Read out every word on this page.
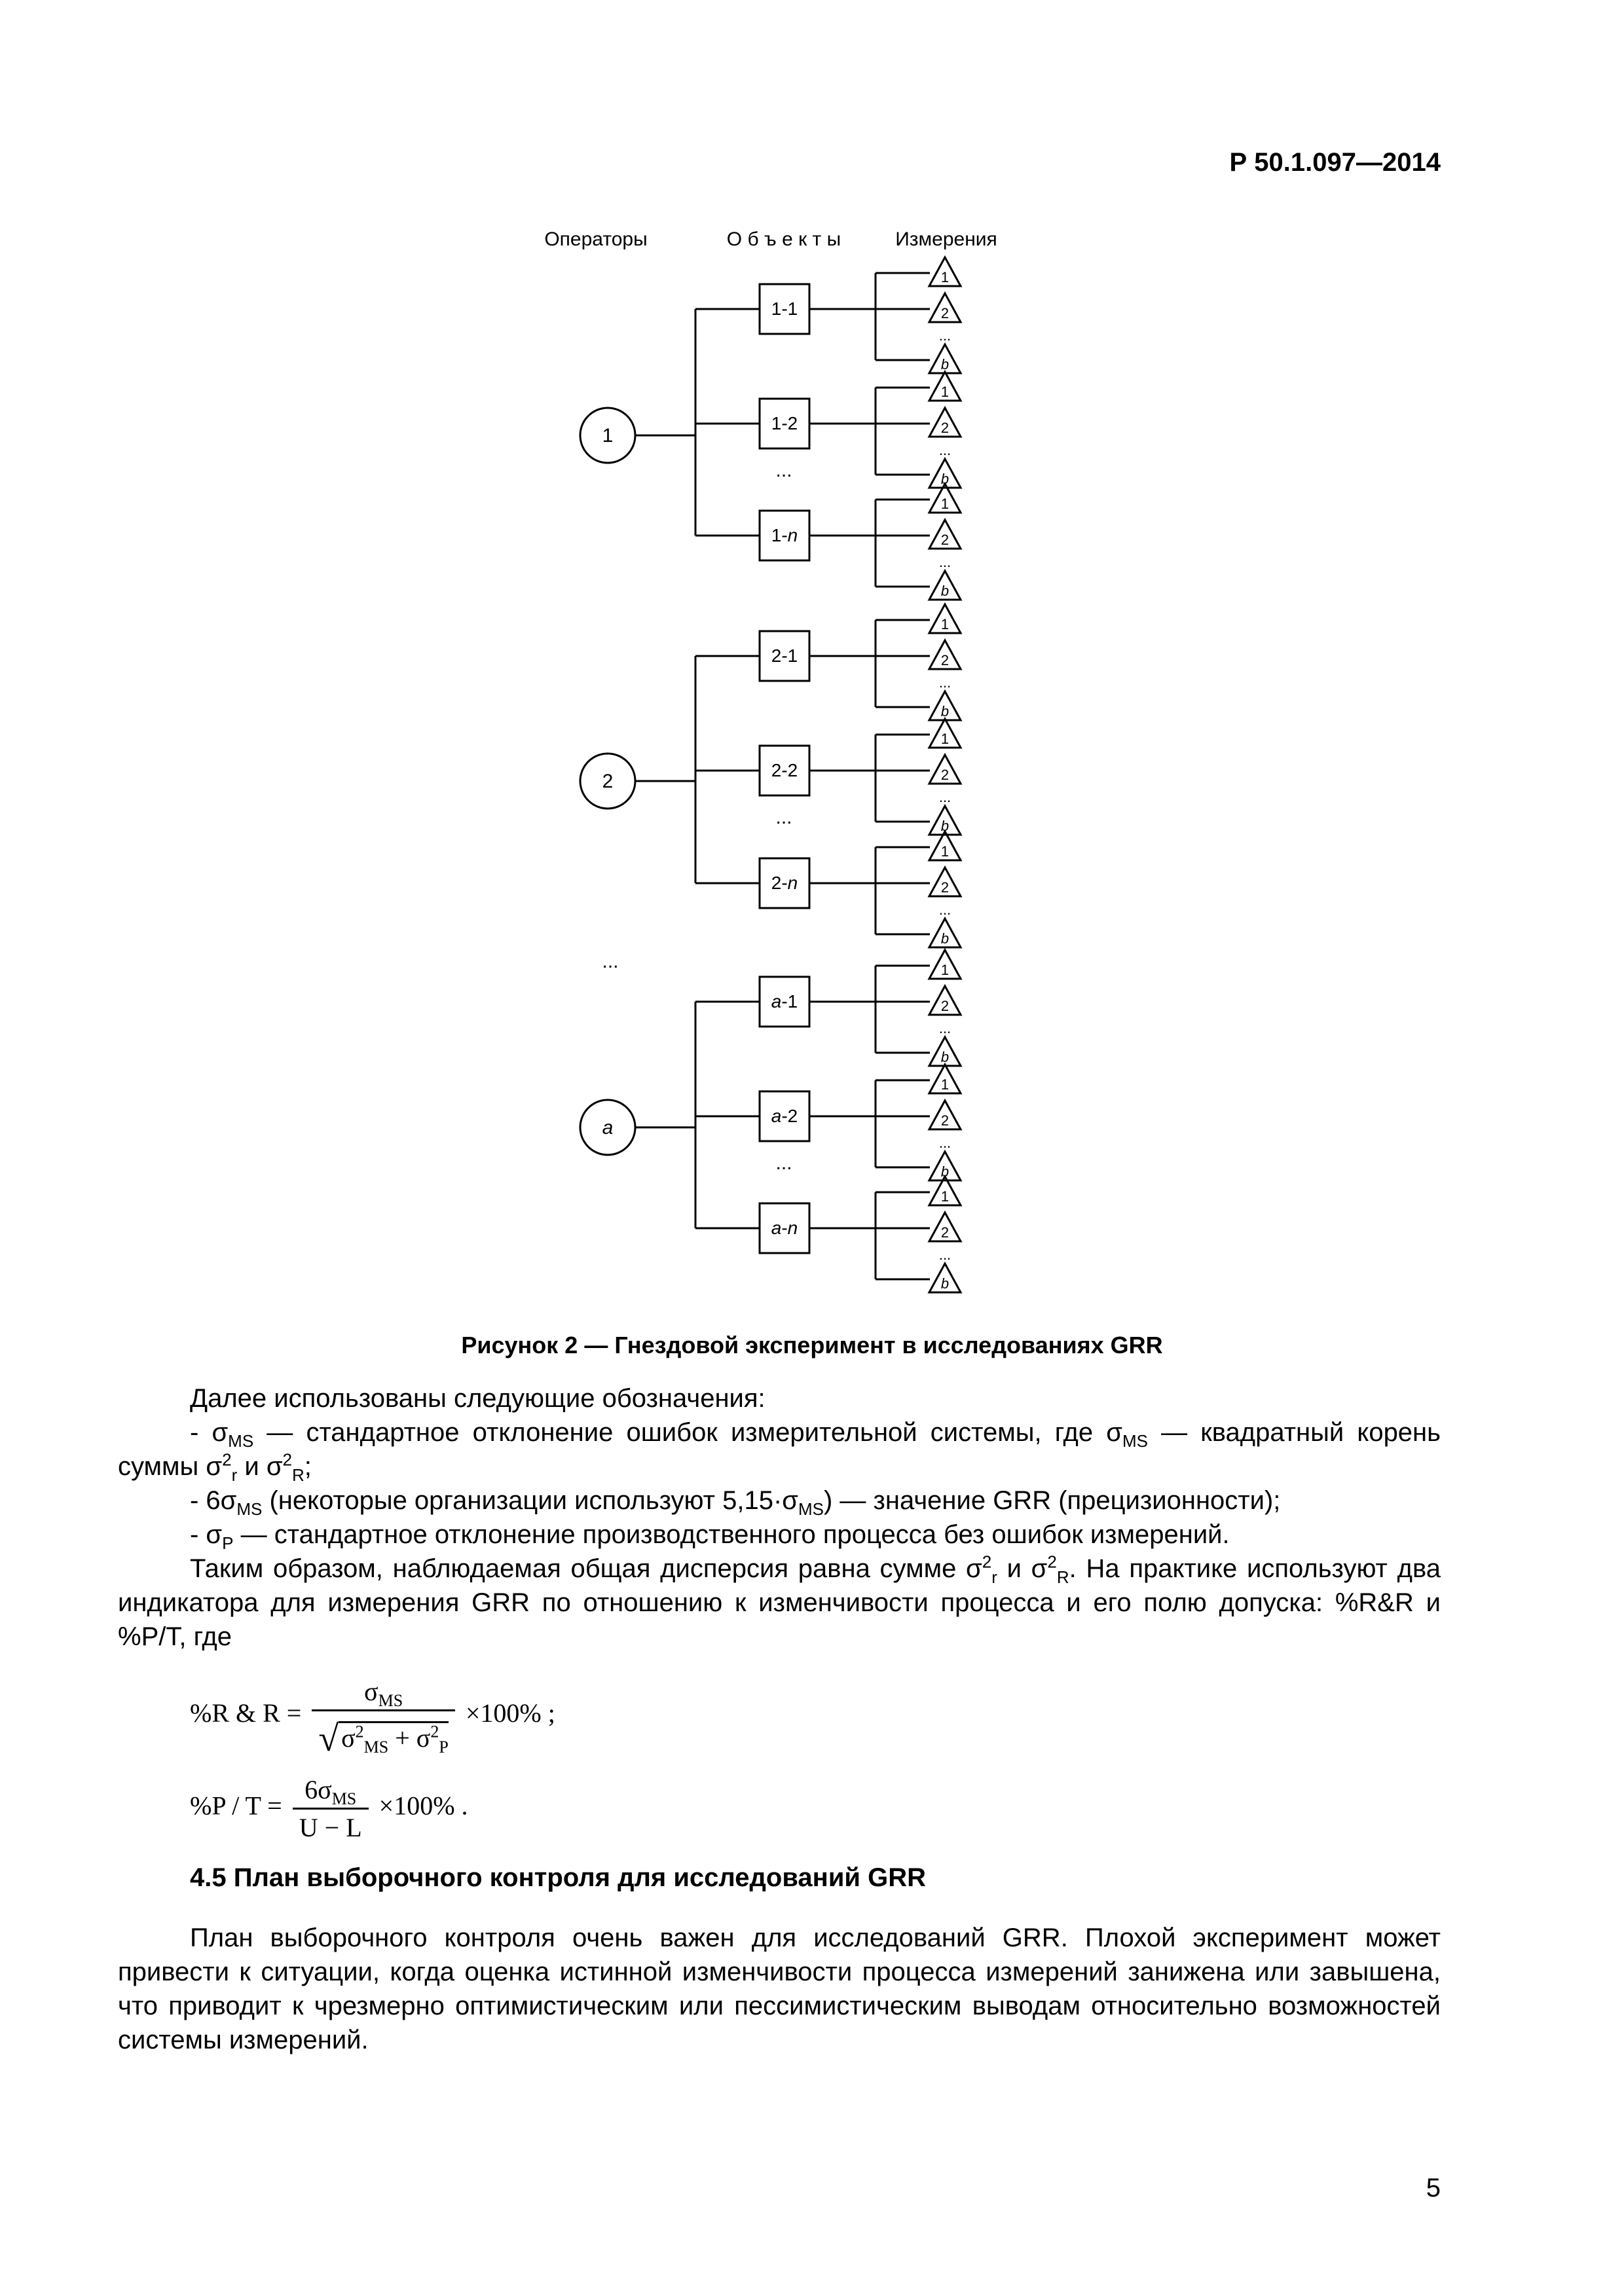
Р 50.1.097—2014
Операторы	О б ъ е к т ы	Измерения
1
...
1-1
1
2
b
...
1-2
1
2
b
...
1-n
1
2
b
...
2
...
2-1
1
2
b
...
2-2
1
2
b
...
2-n
1
2
b
...
a
...
a-1
1
2
b
...
a-2
1
2
b
...
a-n
1
2
b
...
...
Рисунок 2 — Гнездовой эксперимент в исследованиях GRR
Далее использованы следующие обозначения:
- $\sigma_{MS}$ — стандартное отклонение ошибок измерительной системы, где $\sigma_{MS}$ — квадратный корень суммы $\sigma^2_r$ и $\sigma^2_R$;
- $6\sigma_{MS}$ (некоторые организации используют $5,15\cdot\sigma_{MS}$) — значение GRR (прецизионности);
- $\sigma_P$ — стандартное отклонение производственного процесса без ошибок измерений.
Таким образом, наблюдаемая общая дисперсия равна сумме $\sigma^2_r$ и $\sigma^2_R$. На практике используют два индикатора для измерения GRR по отношению к изменчивости процесса и его полю допуска: %R&R и %P/T, где
%R & $R = \frac{\sigma_{MS}}{√ \sigma^2_{MS} + \sigma^2_P} \times 100\%$ ;
$\%P / T = \frac{6\sigma_{MS}}{U - L} \times 100\%$ .
4.5 План выборочного контроля для исследований GRR
План выборочного контроля очень важен для исследований GRR. Плохой эксперимент может привести к ситуации, когда оценка истинной изменчивости процесса измерений занижена или завышена, что приводит к чрезмерно оптимистическим или пессимистическим выводам относительно возможностей системы измерений.
5
